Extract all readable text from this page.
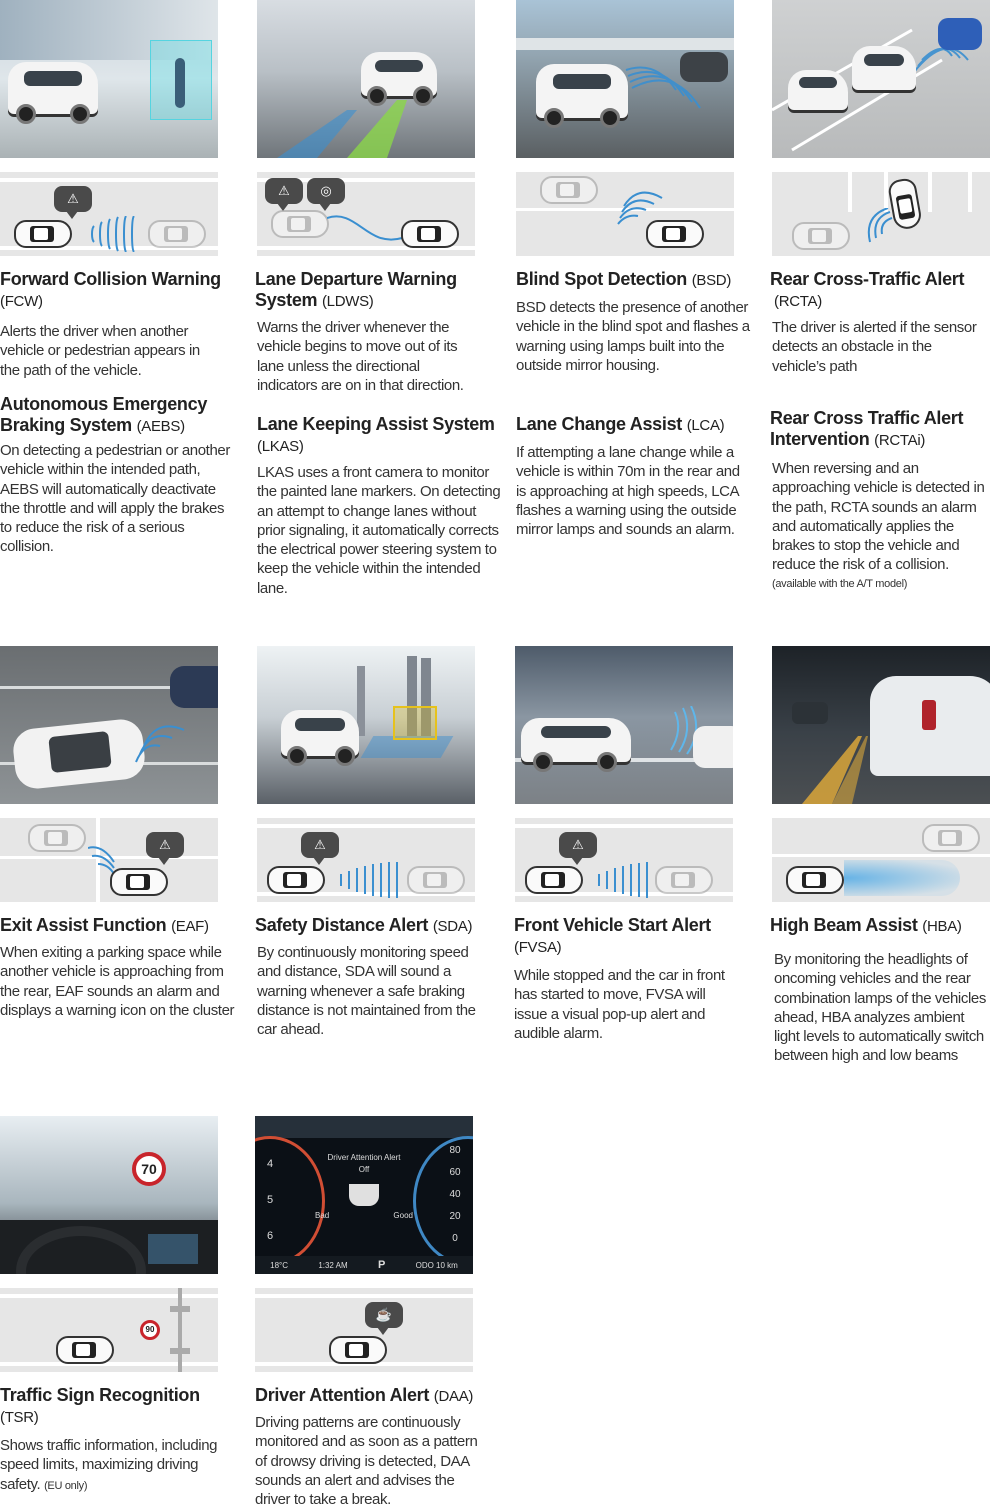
⚠

Forward Collision Warning
(FCW)

Alerts the driver when another vehicle or pedestrian appears in the path of the vehicle.

Autonomous Emergency Braking System (AEBS)

On detecting a pedestrian or another vehicle within the intended path, AEBS will automatically deactivate the throttle and will apply the brakes to reduce the risk of a serious collision.

⚠	◎

Lane Departure Warning System (LDWS)

Warns the driver whenever the vehicle begins to move out of its lane unless the directional indicators are on in that direction.

Lane Keeping Assist System
(LKAS)

LKAS uses a front camera to monitor the painted lane markers. On detecting an attempt to change lanes without prior signaling, it automatically corrects the electrical power steering system to keep the vehicle within the intended lane.

Blind Spot Detection (BSD)

BSD detects the presence of another vehicle in the blind spot and flashes a warning using lamps built into the outside mirror housing.

Lane Change Assist (LCA)

If attempting a lane change while a vehicle is within 70m in the rear and is approaching at high speeds, LCA flashes a warning using the outside mirror lamps and sounds an alarm.

Rear Cross-Traffic Alert
(RCTA)

The driver is alerted if the sensor detects an obstacle in the vehicle’s path

Rear Cross Traffic Alert Intervention (RCTAi)

When reversing and an approaching vehicle is detected in the path, RCTA sounds an alarm and automatically applies the brakes to stop the vehicle and reduce the risk of a collision.

(available with the A/T model)

⚠

Exit Assist Function (EAF)

When exiting a parking space while another vehicle is approaching from the rear, EAF sounds an alarm and displays a warning icon on the cluster

⚠

Safety Distance Alert (SDA)

By continuously monitoring speed and distance, SDA will sound a warning whenever a safe braking distance is not maintained from the car ahead.

⚠

Front Vehicle Start Alert
(FVSA)

While stopped and the car in front has started to move, FVSA will issue a visual pop-up alert and audible alarm.

High Beam Assist (HBA)

By monitoring the headlights of oncoming vehicles and the rear combination lamps of the vehicles ahead, HBA analyzes ambient light levels to automatically switch between high and low beams

70
90

Traffic Sign Recognition
(TSR)

Shows traffic information, including speed limits, maximizing driving safety. (EU only)

4
5
6
80
60
40
20
0
Driver Attention Alert
Off
Bad	Good
18°C	1:32 AM	P	ODO 10 km
☕

Driver Attention Alert (DAA)

Driving patterns are continuously monitored and as soon as a pattern of drowsy driving is detected, DAA sounds an alert and advises the driver to take a break.
